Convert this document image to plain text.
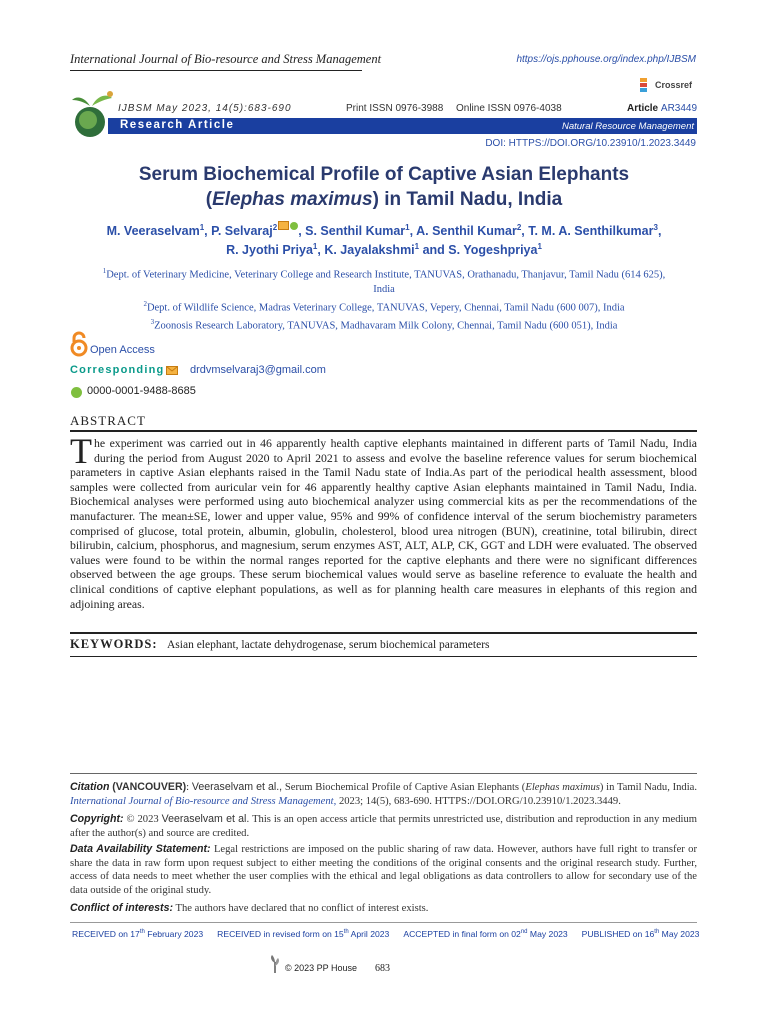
International Journal of Bio-resource and Stress Management	https://ojs.pphouse.org/index.php/IJBSM
Crossref
IJBSM May 2023, 14(5):683-690	Print ISSN 0976-3988 Online ISSN 0976-4038	Article AR3449
Research Article	Natural Resource Management
DOI: HTTPS://DOI.ORG/10.23910/1.2023.3449
Serum Biochemical Profile of Captive Asian Elephants
(Elephas maximus) in Tamil Nadu, India
M. Veeraselvam$^1$, P. Selvaraj$^2$ , S. Senthil Kumar$^1$, A. Senthil Kumar$^2$, T. M. A. Senthilkumar$^3$,
R. Jyothi Priya$^1$, K. Jayalakshmi$^1$ and S. Yogeshpriya$^1$
$^1$Dept. of Veterinary Medicine, Veterinary College and Research Institute, TANUVAS, Orathanadu, Thanjavur, Tamil Nadu (614 625), India
$^2$Dept. of Wildlife Science, Madras Veterinary College, TANUVAS, Vepery, Chennai, Tamil Nadu (600 007), India
$^3$Zoonosis Research Laboratory, TANUVAS, Madhavaram Milk Colony, Chennai, Tamil Nadu (600 051), India
Open Access
Corresponding drdvmselvaraj3@gmail.com
0000-0001-9488-8685
ABSTRACT
The experiment was carried out in 46 apparently health captive elephants maintained in different parts of Tamil Nadu, India during the period from August 2020 to April 2021 to assess and evolve the baseline reference values for serum biochemical parameters in captive Asian elephants raised in the Tamil Nadu state of India.As part of the periodical health assessment, blood samples were collected from auricular vein for 46 apparently healthy captive Asian elephants maintained in Tamil Nadu, India. Biochemical analyses were performed using auto biochemical analyzer using commercial kits as per the recommendations of the manufacturer. The mean±SE, lower and upper value, 95% and 99% of confidence interval of the serum biochemistry parameters comprised of glucose, total protein, albumin, globulin, cholesterol, blood urea nitrogen (BUN), creatinine, total bilirubin, direct bilirubin, calcium, phosphorus, and magnesium, serum enzymes AST, ALT, ALP, CK, GGT and LDH were evaluated. The observed values were found to be within the normal ranges reported for the captive elephants and there were no significant differences observed between the age groups. These serum biochemical values would serve as baseline reference to evaluate the health and clinical conditions of captive elephant populations, as well as for planning health care measures in elephants of this region and adjoining areas.
KEYWORDS: Asian elephant, lactate dehydrogenase, serum biochemical parameters
Citation (VANCOUVER): Veeraselvam et al., Serum Biochemical Profile of Captive Asian Elephants (Elephas maximus) in Tamil Nadu, India. International Journal of Bio-resource and Stress Management, 2023; 14(5), 683-690. HTTPS://DOI.ORG/10.23910/1.2023.3449.
Copyright: © 2023 Veeraselvam et al. This is an open access article that permits unrestricted use, distribution and reproduction in any medium after the author(s) and source are credited.
Data Availability Statement: Legal restrictions are imposed on the public sharing of raw data. However, authors have full right to transfer or share the data in raw form upon request subject to either meeting the conditions of the original consents and the original research study. Further, access of data needs to meet whether the user complies with the ethical and legal obligations as data controllers to allow for secondary use of the data outside of the original study.
Conflict of interests: The authors have declared that no conflict of interest exists.
RECEIVED on 17th February 2023 RECEIVED in revised form on 15th April 2023 ACCEPTED in final form on 02nd May 2023 PUBLISHED on 16th May 2023
© 2023 PP House 683
